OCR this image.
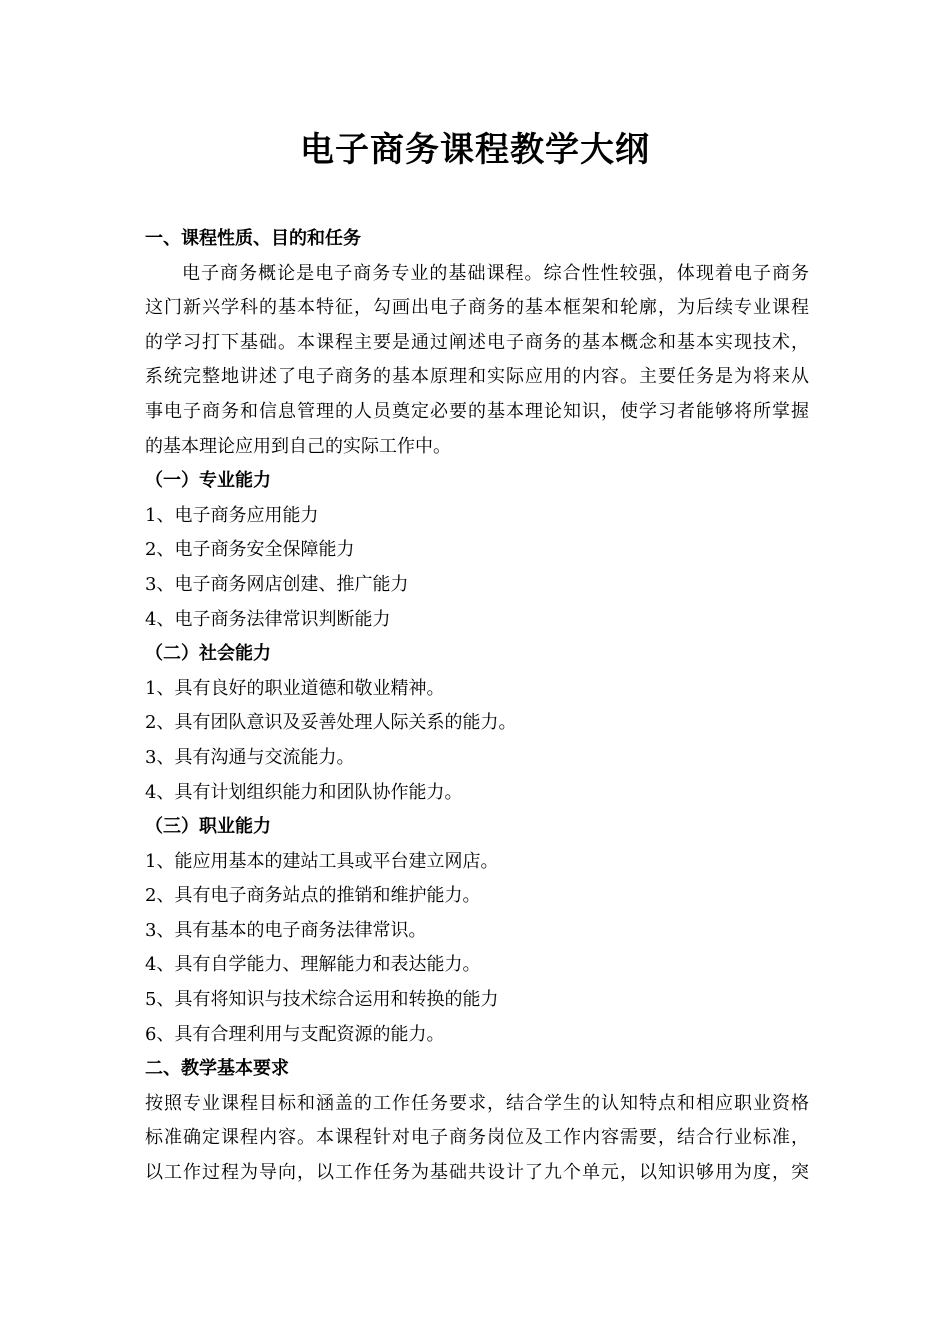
电子商务课程教学大纲
一、课程性质、目的和任务
电子商务概论是电子商务专业的基础课程。综合性性较强，体现着电子商务
这门新兴学科的基本特征，勾画出电子商务的基本框架和轮廓，为后续专业课程
的学习打下基础。本课程主要是通过阐述电子商务的基本概念和基本实现技术，
系统完整地讲述了电子商务的基本原理和实际应用的内容。主要任务是为将来从
事电子商务和信息管理的人员奠定必要的基本理论知识，使学习者能够将所掌握
的基本理论应用到自己的实际工作中。
（一）专业能力
1、电子商务应用能力
2、电子商务安全保障能力
3、电子商务网店创建、推广能力
4、电子商务法律常识判断能力
（二）社会能力
1、具有良好的职业道德和敬业精神。
2、具有团队意识及妥善处理人际关系的能力。
3、具有沟通与交流能力。
4、具有计划组织能力和团队协作能力。
（三）职业能力
1、能应用基本的建站工具或平台建立网店。
2、具有电子商务站点的推销和维护能力。
3、具有基本的电子商务法律常识。
4、具有自学能力、理解能力和表达能力。
5、具有将知识与技术综合运用和转换的能力
6、具有合理利用与支配资源的能力。
二、教学基本要求
按照专业课程目标和涵盖的工作任务要求，结合学生的认知特点和相应职业资格
标准确定课程内容。本课程针对电子商务岗位及工作内容需要，结合行业标准，
以工作过程为导向，以工作任务为基础共设计了九个单元，以知识够用为度，突
